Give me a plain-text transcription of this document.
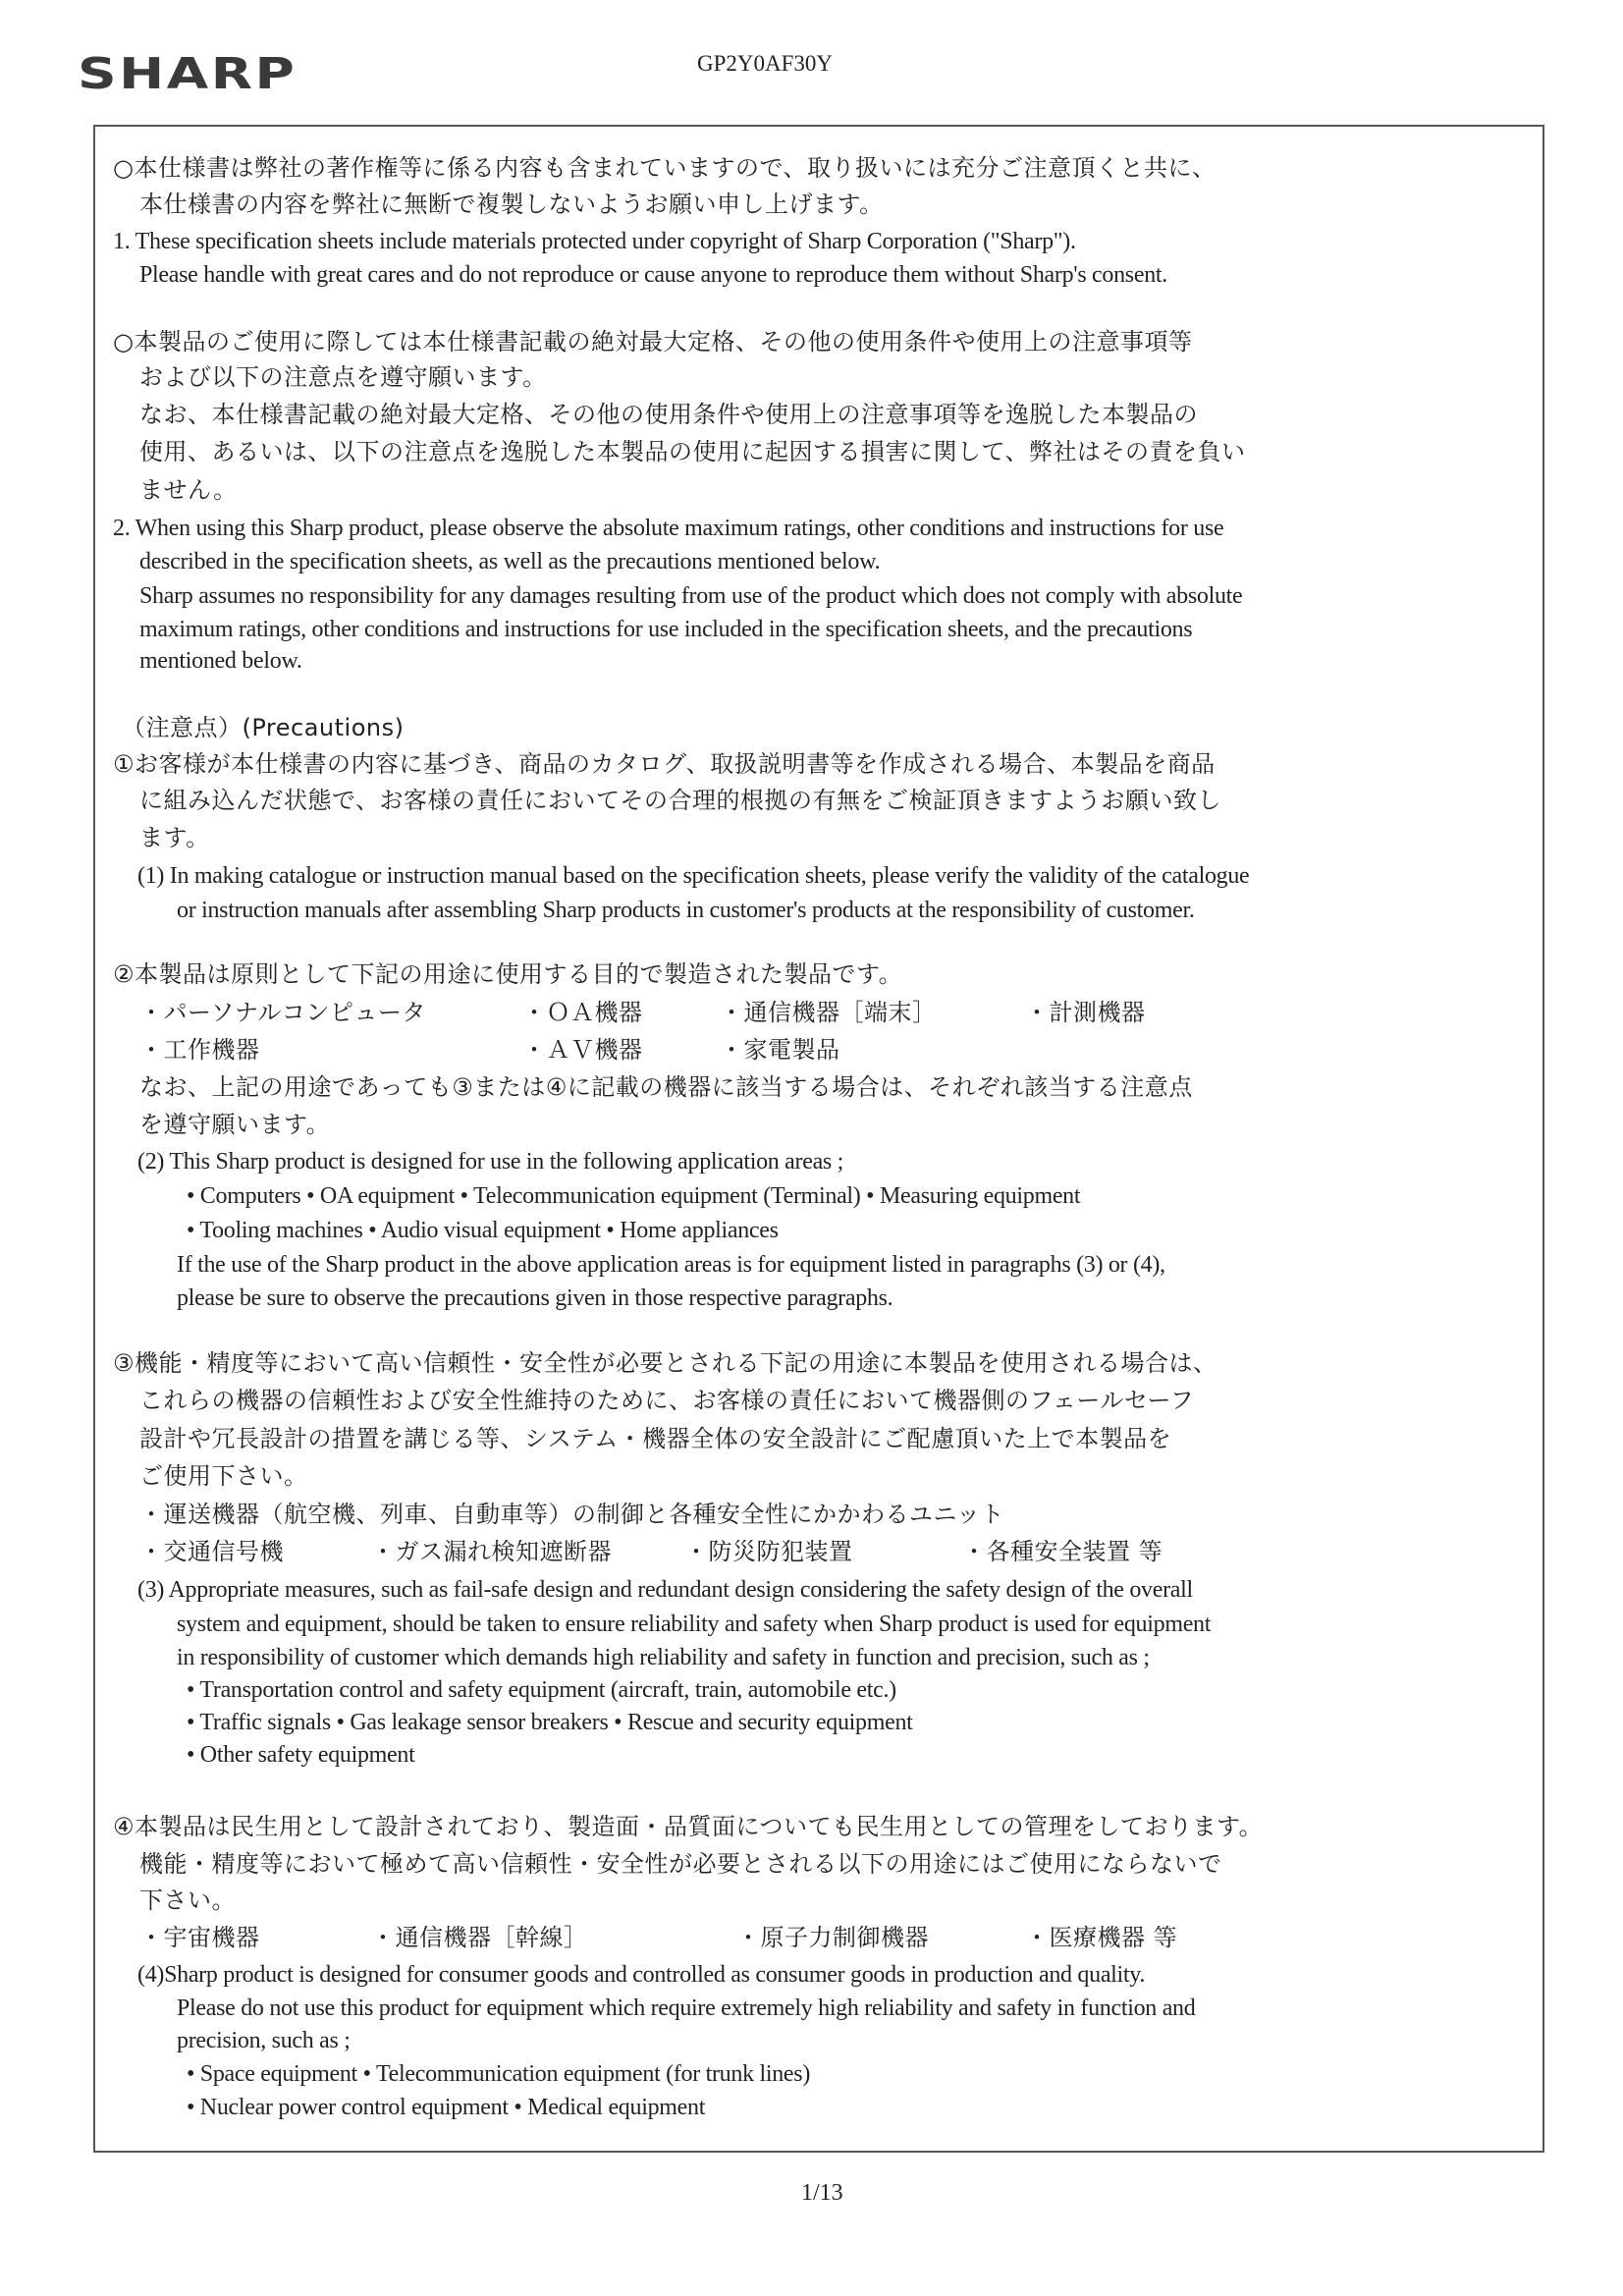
SHARP	GP2Y0AF30Y
○本仕様書は弊社の著作権等に係る内容も含まれていますので、取り扱いには充分ご注意頂くと共に、
本仕様書の内容を弊社に無断で複製しないようお願い申し上げます。
1. These specification sheets include materials protected under copyright of Sharp Corporation ("Sharp").
Please handle with great cares and do not reproduce or cause anyone to reproduce them without Sharp's consent.
○本製品のご使用に際しては本仕様書記載の絶対最大定格、その他の使用条件や使用上の注意事項等
および以下の注意点を遵守願います。
なお、本仕様書記載の絶対最大定格、その他の使用条件や使用上の注意事項等を逸脱した本製品の
使用、あるいは、以下の注意点を逸脱した本製品の使用に起因する損害に関して、弊社はその責を負い
ません。
2. When using this Sharp product, please observe the absolute maximum ratings, other conditions and instructions for use
described in the specification sheets, as well as the precautions mentioned below.
Sharp assumes no responsibility for any damages resulting from use of the product which does not comply with absolute
maximum ratings, other conditions and instructions for use included in the specification sheets, and the precautions
mentioned below.
（注意点）(Precautions)
①お客様が本仕様書の内容に基づき、商品のカタログ、取扱説明書等を作成される場合、本製品を商品
に組み込んだ状態で、お客様の責任においてその合理的根拠の有無をご検証頂きますようお願い致し
ます。
(1) In making catalogue or instruction manual based on the specification sheets, please verify the validity of the catalogue
or instruction manuals after assembling Sharp products in customer's products at the responsibility of customer.
②本製品は原則として下記の用途に使用する目的で製造された製品です。
・パーソナルコンピュータ	・ＯＡ機器	・通信機器［端末］	・計測機器
・工作機器	・ＡＶ機器	・家電製品
なお、上記の用途であっても③または④に記載の機器に該当する場合は、それぞれ該当する注意点
を遵守願います。
(2) This Sharp product is designed for use in the following application areas ;
• Computers • OA equipment • Telecommunication equipment (Terminal) • Measuring equipment
• Tooling machines • Audio visual equipment • Home appliances
If the use of the Sharp product in the above application areas is for equipment listed in paragraphs (3) or (4),
please be sure to observe the precautions given in those respective paragraphs.
③機能・精度等において高い信頼性・安全性が必要とされる下記の用途に本製品を使用される場合は、
これらの機器の信頼性および安全性維持のために、お客様の責任において機器側のフェールセーフ
設計や冗長設計の措置を講じる等、システム・機器全体の安全設計にご配慮頂いた上で本製品を
ご使用下さい。
・運送機器（航空機、列車、自動車等）の制御と各種安全性にかかわるユニット
・交通信号機	・ガス漏れ検知遮断器	・防災防犯装置	・各種安全装置 等
(3) Appropriate measures, such as fail-safe design and redundant design considering the safety design of the overall
system and equipment, should be taken to ensure reliability and safety when Sharp product is used for equipment
in responsibility of customer which demands high reliability and safety in function and precision, such as ;
• Transportation control and safety equipment (aircraft, train, automobile etc.)
• Traffic signals • Gas leakage sensor breakers • Rescue and security equipment
• Other safety equipment
④本製品は民生用として設計されており、製造面・品質面についても民生用としての管理をしております。
機能・精度等において極めて高い信頼性・安全性が必要とされる以下の用途にはご使用にならないで
下さい。
・宇宙機器	・通信機器［幹線］	・原子力制御機器	・医療機器 等
(4)Sharp product is designed for consumer goods and controlled as consumer goods in production and quality.
Please do not use this product for equipment which require extremely high reliability and safety in function and
precision, such as ;
• Space equipment • Telecommunication equipment (for trunk lines)
• Nuclear power control equipment • Medical equipment
1/13
